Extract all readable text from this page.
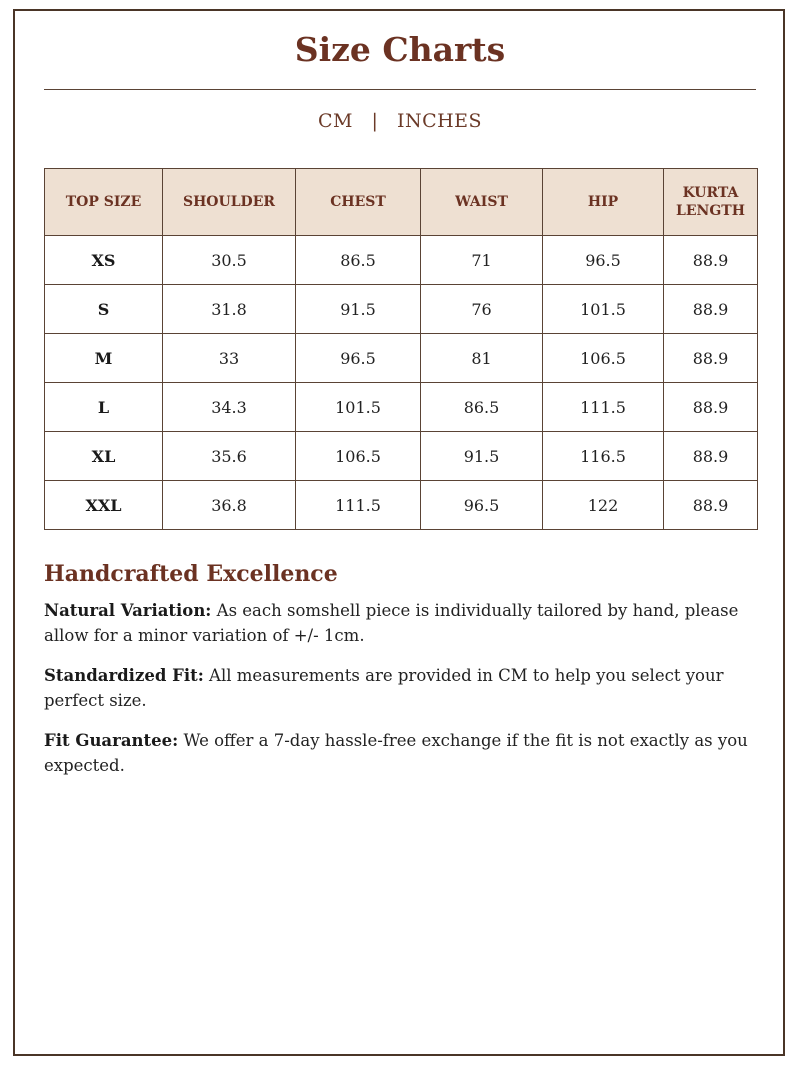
Size Charts
CM | INCHES
TOP SIZE	SHOULDER	CHEST	WAIST	HIP	KURTA LENGTH
XS	30.5	86.5	71	96.5	88.9
S	31.8	91.5	76	101.5	88.9
M	33	96.5	81	106.5	88.9
L	34.3	101.5	86.5	111.5	88.9
XL	35.6	106.5	91.5	116.5	88.9
XXL	36.8	111.5	96.5	122	88.9
Handcrafted Excellence

Natural Variation: As each somshell piece is individually tailored by hand, please allow for a minor variation of +/- 1cm.

Standardized Fit: All measurements are provided in CM to help you select your perfect size.

Fit Guarantee: We offer a 7-day hassle-free exchange if the fit is not exactly as you expected.
